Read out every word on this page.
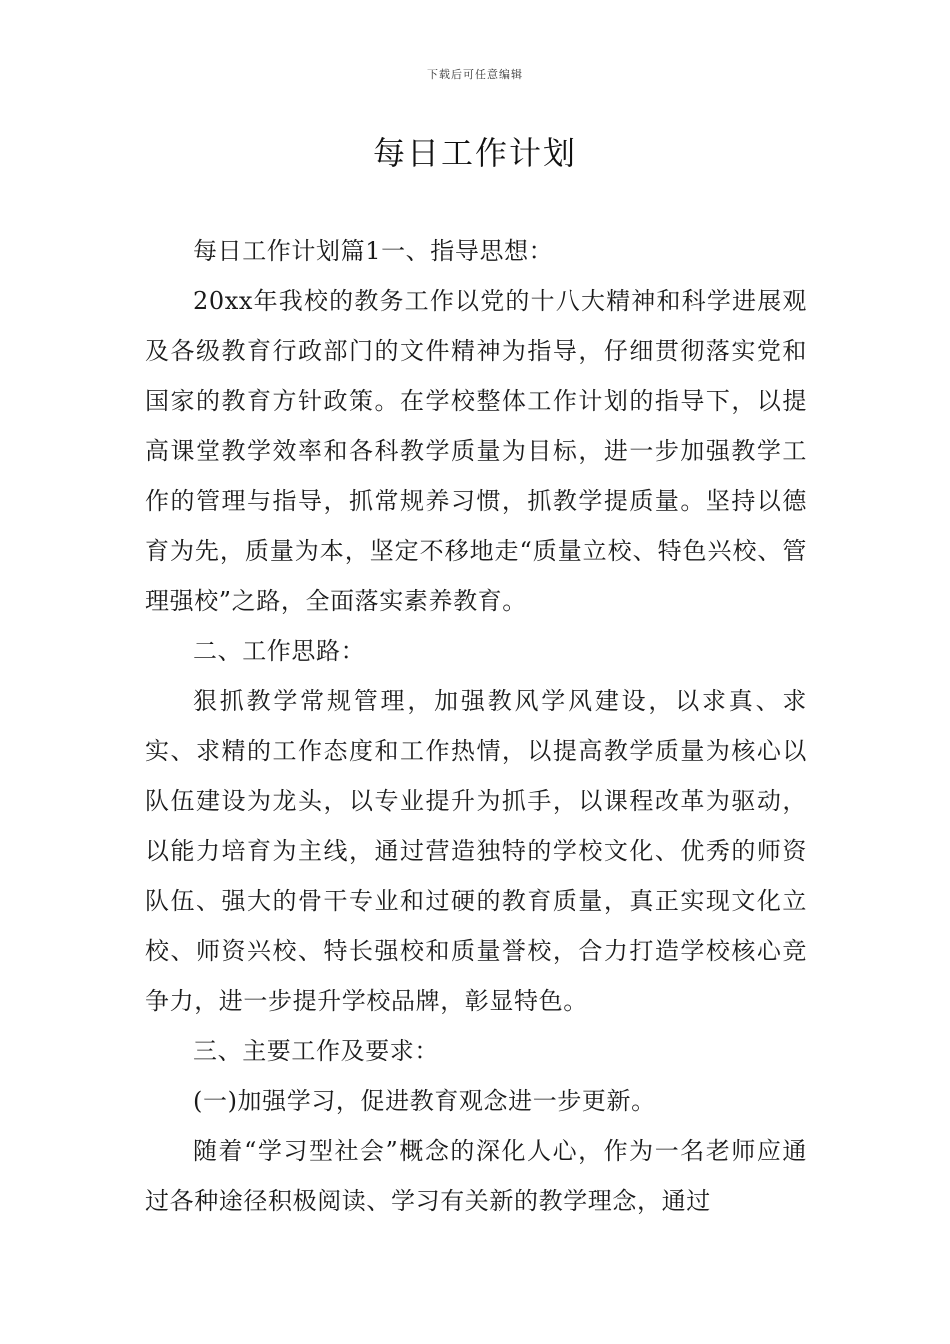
下载后可任意编辑
每日工作计划

每日工作计划篇1一、指导思想：

20xx年我校的教务工作以党的十八大精神和科学进展观及各级教育行政部门的文件精神为指导，仔细贯彻落实党和国家的教育方针政策。在学校整体工作计划的指导下，以提高课堂教学效率和各科教学质量为目标，进一步加强教学工作的管理与指导，抓常规养习惯，抓教学提质量。坚持以德育为先，质量为本，坚定不移地走“质量立校、特色兴校、管理强校”之路，全面落实素养教育。

二、工作思路：

狠抓教学常规管理，加强教风学风建设，以求真、求实、求精的工作态度和工作热情，以提高教学质量为核心以队伍建设为龙头，以专业提升为抓手，以课程改革为驱动，以能力培育为主线，通过营造独特的学校文化、优秀的师资队伍、强大的骨干专业和过硬的教育质量，真正实现文化立校、师资兴校、特长强校和质量誉校，合力打造学校核心竞争力，进一步提升学校品牌，彰显特色。

三、主要工作及要求：

(一)加强学习，促进教育观念进一步更新。

随着“学习型社会”概念的深化人心，作为一名老师应通过各种途径积极阅读、学习有关新的教学理念，通过
